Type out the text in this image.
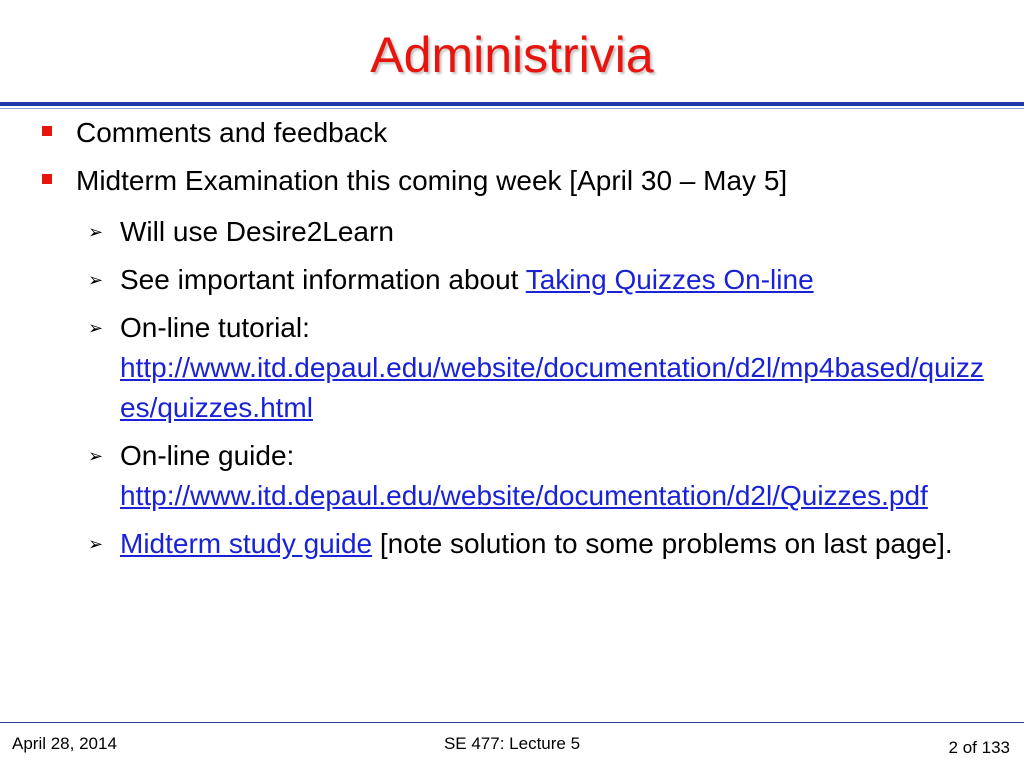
Administrivia
Comments and feedback
Midterm Examination this coming week [April 30 – May 5]
➢ Will use Desire2Learn
➢ See important information about Taking Quizzes On-line
➢ On-line tutorial:
http://www.itd.depaul.edu/website/documentation/d2l/mp4based/quizzes/quizzes.html
➢ On-line guide:
http://www.itd.depaul.edu/website/documentation/d2l/Quizzes.pdf
➢ Midterm study guide [note solution to some problems on last page].
April 28, 2014	SE 477: Lecture 5	2 of 133
